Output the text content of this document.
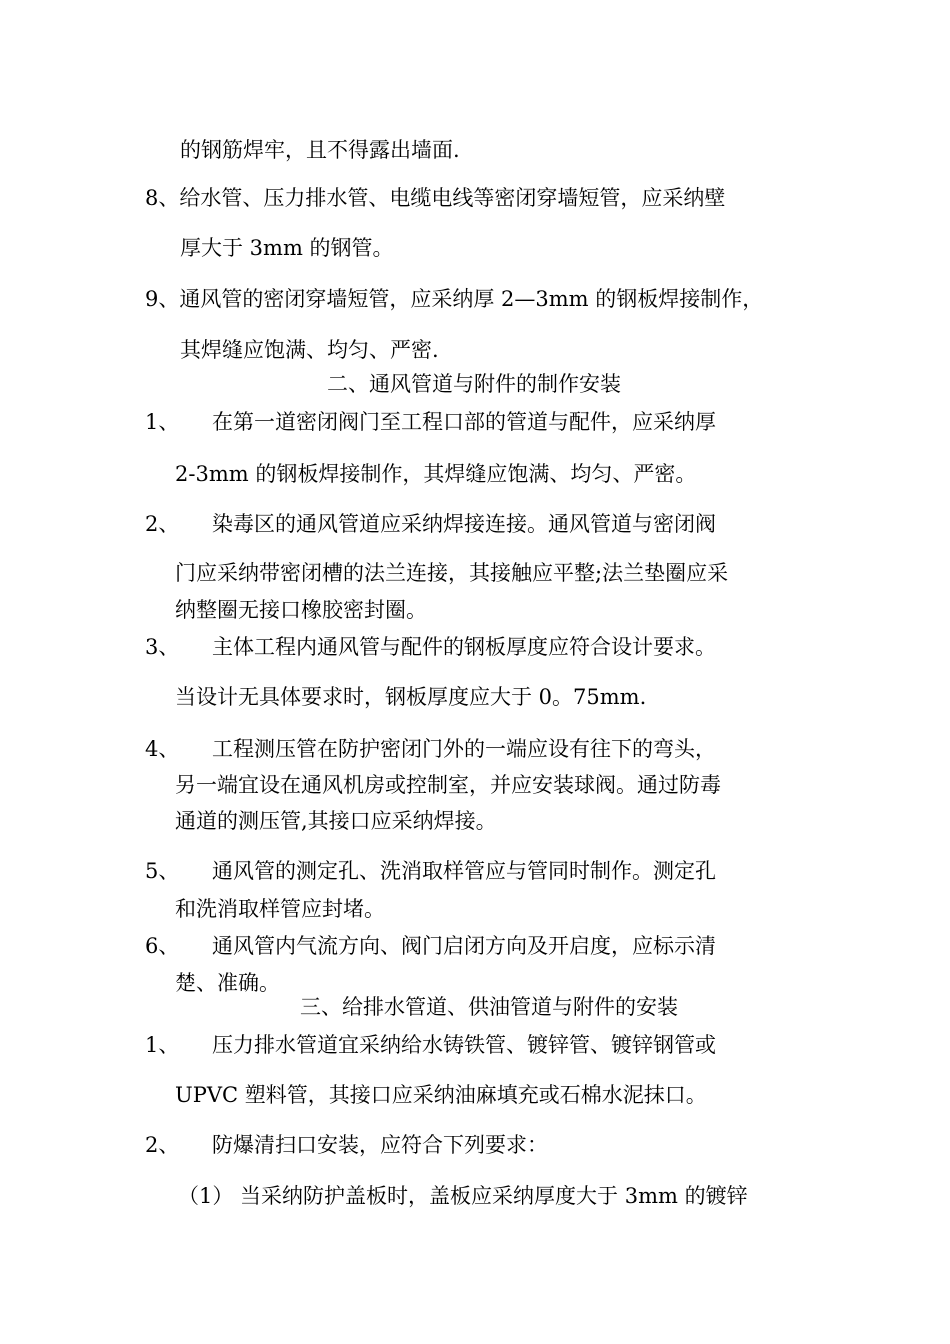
的钢筋焊牢，且不得露出墙面.
8、给水管、压力排水管、电缆电线等密闭穿墙短管，应采纳壁
厚大于 3mm 的钢管。
9、通风管的密闭穿墙短管，应采纳厚 2—3mm 的钢板焊接制作，
其焊缝应饱满、均匀、严密.
二、通风管道与附件的制作安装
1、 在第一道密闭阀门至工程口部的管道与配件，应采纳厚
2-3mm 的钢板焊接制作，其焊缝应饱满、均匀、严密。
2、 染毒区的通风管道应采纳焊接连接。通风管道与密闭阀
门应采纳带密闭槽的法兰连接，其接触应平整;法兰垫圈应采
纳整圈无接口橡胶密封圈。
3、 主体工程内通风管与配件的钢板厚度应符合设计要求。
当设计无具体要求时，钢板厚度应大于 0。75mm.
4、 工程测压管在防护密闭门外的一端应设有往下的弯头，
另一端宜设在通风机房或控制室，并应安装球阀。通过防毒
通道的测压管,其接口应采纳焊接。
5、 通风管的测定孔、洗消取样管应与管同时制作。测定孔
和洗消取样管应封堵。
6、 通风管内气流方向、阀门启闭方向及开启度，应标示清
楚、准确。
三、给排水管道、供油管道与附件的安装
1、 压力排水管道宜采纳给水铸铁管、镀锌管、镀锌钢管或
UPVC 塑料管，其接口应采纳油麻填充或石棉水泥抹口。
2、 防爆清扫口安装，应符合下列要求：
（1） 当采纳防护盖板时，盖板应采纳厚度大于 3mm 的镀锌
